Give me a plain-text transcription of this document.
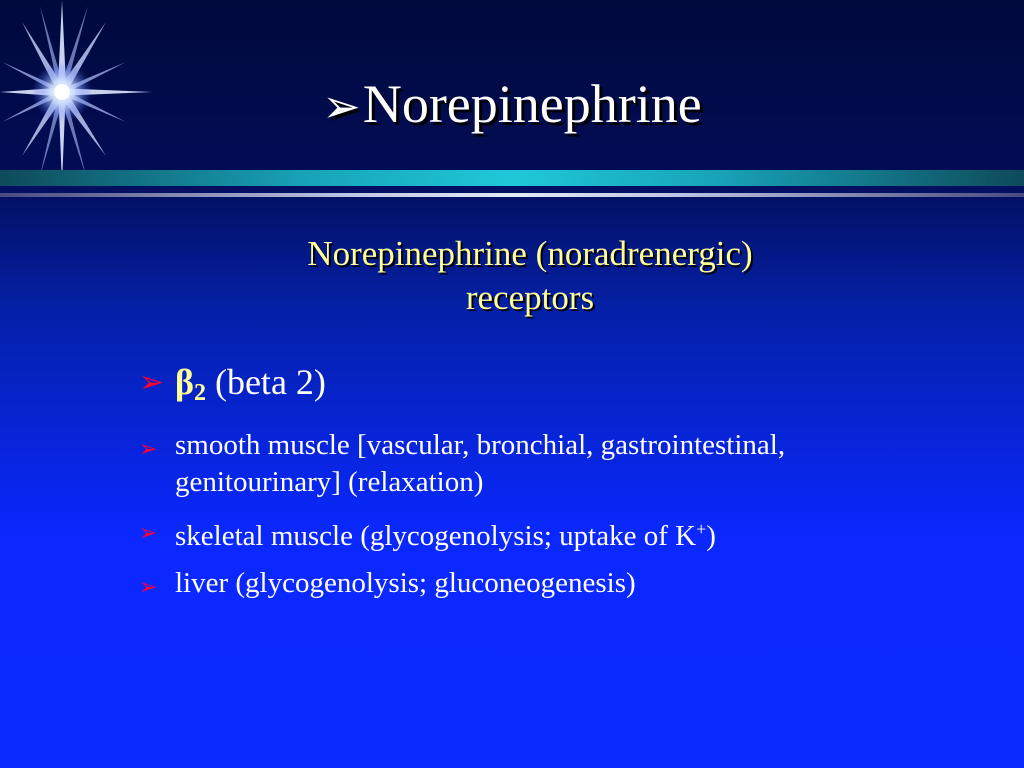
➢Norepinephrine
Norepinephrine (noradrenergic)
receptors
➢ $\beta_2$ (beta 2)
➢ smooth muscle [vascular, bronchial, gastrointestinal, genitourinary] (relaxation)
➢ skeletal muscle (glycogenolysis; uptake of K+)
➢ liver (glycogenolysis; gluconeogenesis)
